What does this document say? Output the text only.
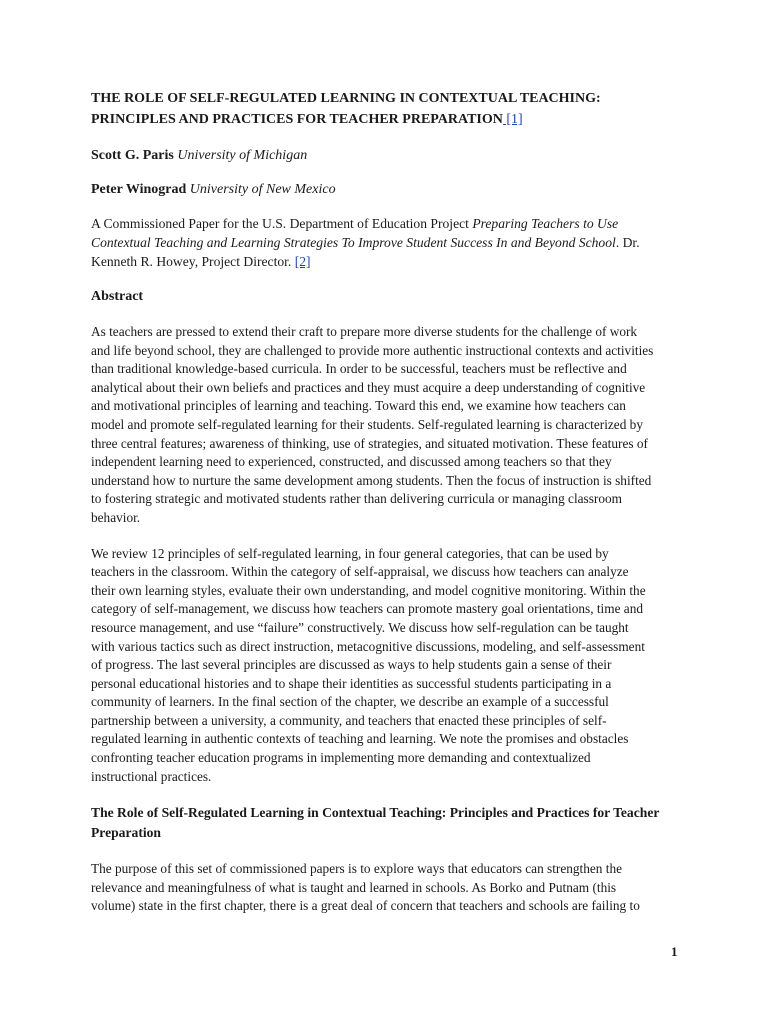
THE ROLE OF SELF-REGULATED LEARNING IN CONTEXTUAL TEACHING:
PRINCIPLES AND PRACTICES FOR TEACHER PREPARATION [1]
Scott G. Paris University of Michigan
Peter Winograd University of New Mexico
A Commissioned Paper for the U.S. Department of Education Project Preparing Teachers to Use
Contextual Teaching and Learning Strategies To Improve Student Success In and Beyond School. Dr.
Kenneth R. Howey, Project Director. [2]
Abstract
As teachers are pressed to extend their craft to prepare more diverse students for the challenge of work
and life beyond school, they are challenged to provide more authentic instructional contexts and activities
than traditional knowledge-based curricula. In order to be successful, teachers must be reflective and
analytical about their own beliefs and practices and they must acquire a deep understanding of cognitive
and motivational principles of learning and teaching. Toward this end, we examine how teachers can
model and promote self-regulated learning for their students. Self-regulated learning is characterized by
three central features; awareness of thinking, use of strategies, and situated motivation. These features of
independent learning need to experienced, constructed, and discussed among teachers so that they
understand how to nurture the same development among students. Then the focus of instruction is shifted
to fostering strategic and motivated students rather than delivering curricula or managing classroom
behavior.
We review 12 principles of self-regulated learning, in four general categories, that can be used by
teachers in the classroom. Within the category of self-appraisal, we discuss how teachers can analyze
their own learning styles, evaluate their own understanding, and model cognitive monitoring. Within the
category of self-management, we discuss how teachers can promote mastery goal orientations, time and
resource management, and use “failure” constructively. We discuss how self-regulation can be taught
with various tactics such as direct instruction, metacognitive discussions, modeling, and self-assessment
of progress. The last several principles are discussed as ways to help students gain a sense of their
personal educational histories and to shape their identities as successful students participating in a
community of learners. In the final section of the chapter, we describe an example of a successful
partnership between a university, a community, and teachers that enacted these principles of self-
regulated learning in authentic contexts of teaching and learning. We note the promises and obstacles
confronting teacher education programs in implementing more demanding and contextualized
instructional practices.
The Role of Self-Regulated Learning in Contextual Teaching: Principles and Practices for Teacher
Preparation
The purpose of this set of commissioned papers is to explore ways that educators can strengthen the
relevance and meaningfulness of what is taught and learned in schools. As Borko and Putnam (this
volume) state in the first chapter, there is a great deal of concern that teachers and schools are failing to
1
